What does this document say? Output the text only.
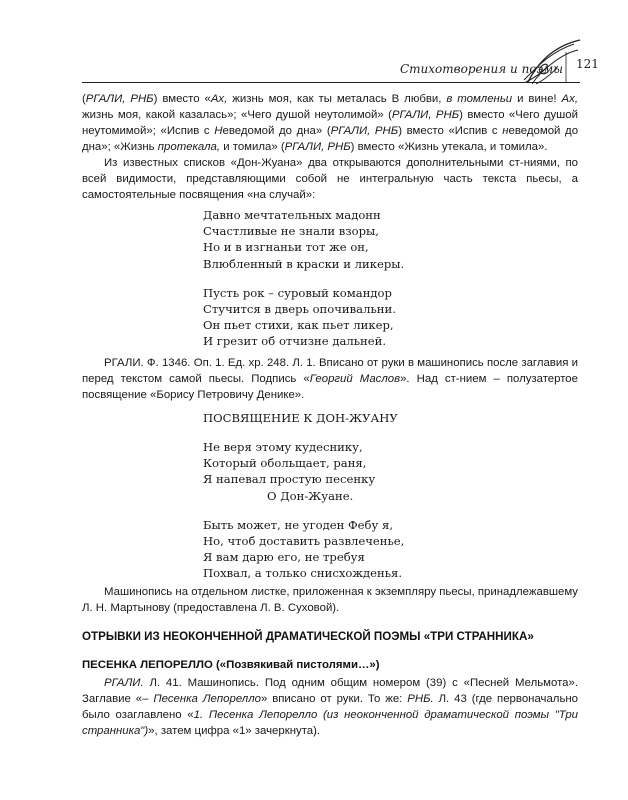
Стихотворения и поэмы 121

(РГАЛИ, РНБ) вместо «Ах, жизнь моя, как ты металась В любви, в томленьи и вине! Ах, жизнь моя, какой казалась»; «Чего душой неутолимой» (РГАЛИ, РНБ) вместо «Чего душой неутомимой»; «Испив с Неведомой до дна» (РГАЛИ, РНБ) вместо «Испив с неведомой до дна»; «Жизнь протекала, и томила» (РГАЛИ, РНБ) вместо «Жизнь утекала, и томила».

Из известных списков «Дон-Жуана» два открываются дополнительными ст-ниями, по всей видимости, представляющими собой не интегральную часть текста пьесы, а самостоятельные посвящения «на случай»:

Давно мечтательных мадонн
Счастливые не знали взоры,
Но и в изгнаньи тот же он,
Влюбленный в краски и ликеры.
Пусть рок – суровый командор
Стучится в дверь опочивальни.
Он пьет стихи, как пьет ликер,
И грезит об отчизне дальней.

РГАЛИ. Ф. 1346. Оп. 1. Ед. хр. 248. Л. 1. Вписано от руки в машинопись после заглавия и перед текстом самой пьесы. Подпись «Георгий Маслов». Над ст-нием – полузатертое посвящение «Борису Петровичу Денике».

ПОСВЯЩЕНИЕ К ДОН-ЖУАНУ
Не веря этому кудеснику,
Который обольщает, раня,
Я напевал простую песенку
О Дон-Жуане.
Быть может, не угоден Фебу я,
Но, чтоб доставить развлеченье,
Я вам дарю его, не требуя
Похвал, а только снисхожденья.

Машинопись на отдельном листке, приложенная к экземпляру пьесы, принадлежавшему Л. Н. Мартынову (предоставлена Л. В. Суховой).

ОТРЫВКИ ИЗ НЕОКОНЧЕННОЙ ДРАМАТИЧЕСКОЙ ПОЭМЫ «ТРИ СТРАННИКА»
ПЕСЕНКА ЛЕПОРЕЛЛО («Позвякивай пистолями…»)

РГАЛИ. Л. 41. Машинопись. Под одним общим номером (39) с «Песней Мельмота». Заглавие «– Песенка Лепорелло» вписано от руки. То же: РНБ. Л. 43 (где первоначально было озаглавлено «1. Песенка Лепорелло (из неоконченной драматической поэмы "Три странника")», затем цифра «1» зачеркнута).
